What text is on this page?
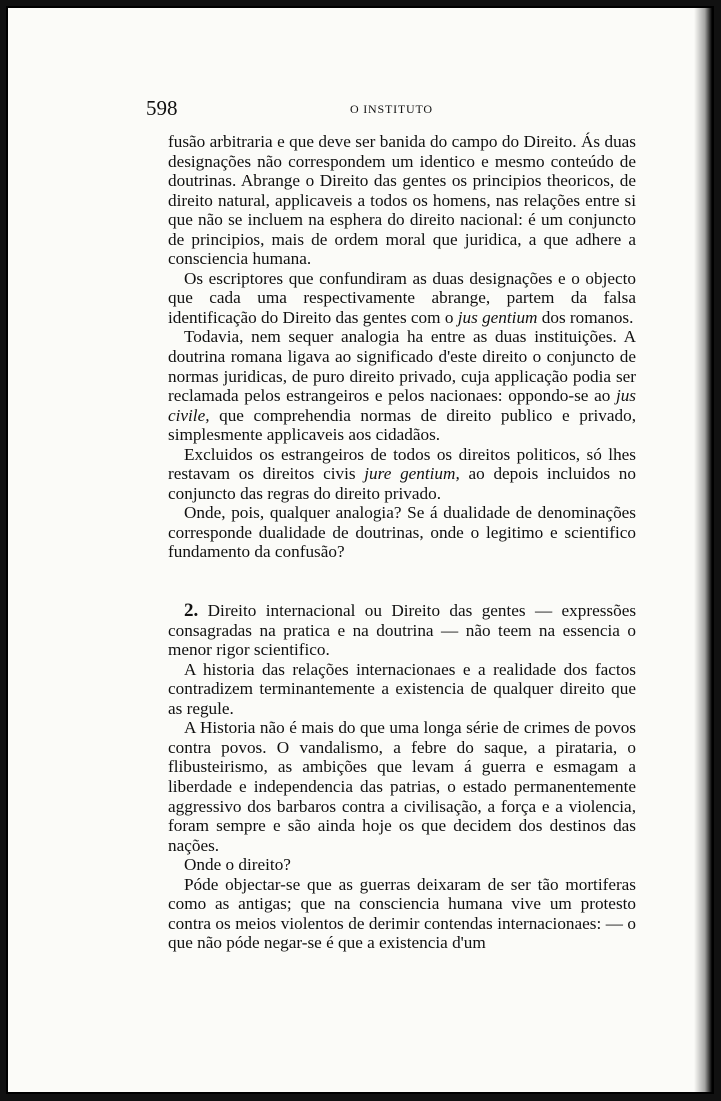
598	O INSTITUTO

fusão arbitraria e que deve ser banida do campo do Direito. Ás duas designações não correspondem um identico e mesmo conteúdo de doutrinas. Abrange o Direito das gentes os principios theoricos, de direito natural, applicaveis a todos os homens, nas relações entre si que não se incluem na esphera do direito nacional: é um conjuncto de principios, mais de ordem moral que juridica, a que adhere a consciencia humana.

Os escriptores que confundiram as duas designações e o objecto que cada uma respectivamente abrange, partem da falsa identificação do Direito das gentes com o jus gentium dos romanos.

Todavia, nem sequer analogia ha entre as duas instituições. A doutrina romana ligava ao significado d'este direito o conjuncto de normas juridicas, de puro direito privado, cuja applicação podia ser reclamada pelos estrangeiros e pelos nacionaes: oppondo-se ao jus civile, que comprehendia normas de direito publico e privado, simplesmente applicaveis aos cidadãos.

Excluidos os estrangeiros de todos os direitos politicos, só lhes restavam os direitos civis jure gentium, ao depois incluidos no conjuncto das regras do direito privado.

Onde, pois, qualquer analogia? Se á dualidade de denominações corresponde dualidade de doutrinas, onde o legitimo e scientifico fundamento da confusão?

2. Direito internacional ou Direito das gentes — expressões consagradas na pratica e na doutrina — não teem na essencia o menor rigor scientifico.

A historia das relações internacionaes e a realidade dos factos contradizem terminantemente a existencia de qualquer direito que as regule.

A Historia não é mais do que uma longa série de crimes de povos contra povos. O vandalismo, a febre do saque, a pirataria, o flibusteirismo, as ambições que levam á guerra e esmagam a liberdade e independencia das patrias, o estado permanentemente aggressivo dos barbaros contra a civilisação, a força e a violencia, foram sempre e são ainda hoje os que decidem dos destinos das nações.

Onde o direito?

Póde objectar-se que as guerras deixaram de ser tão mortiferas como as antigas; que na consciencia humana vive um protesto contra os meios violentos de derimir contendas internacionaes: — o que não póde negar-se é que a existencia d'um
